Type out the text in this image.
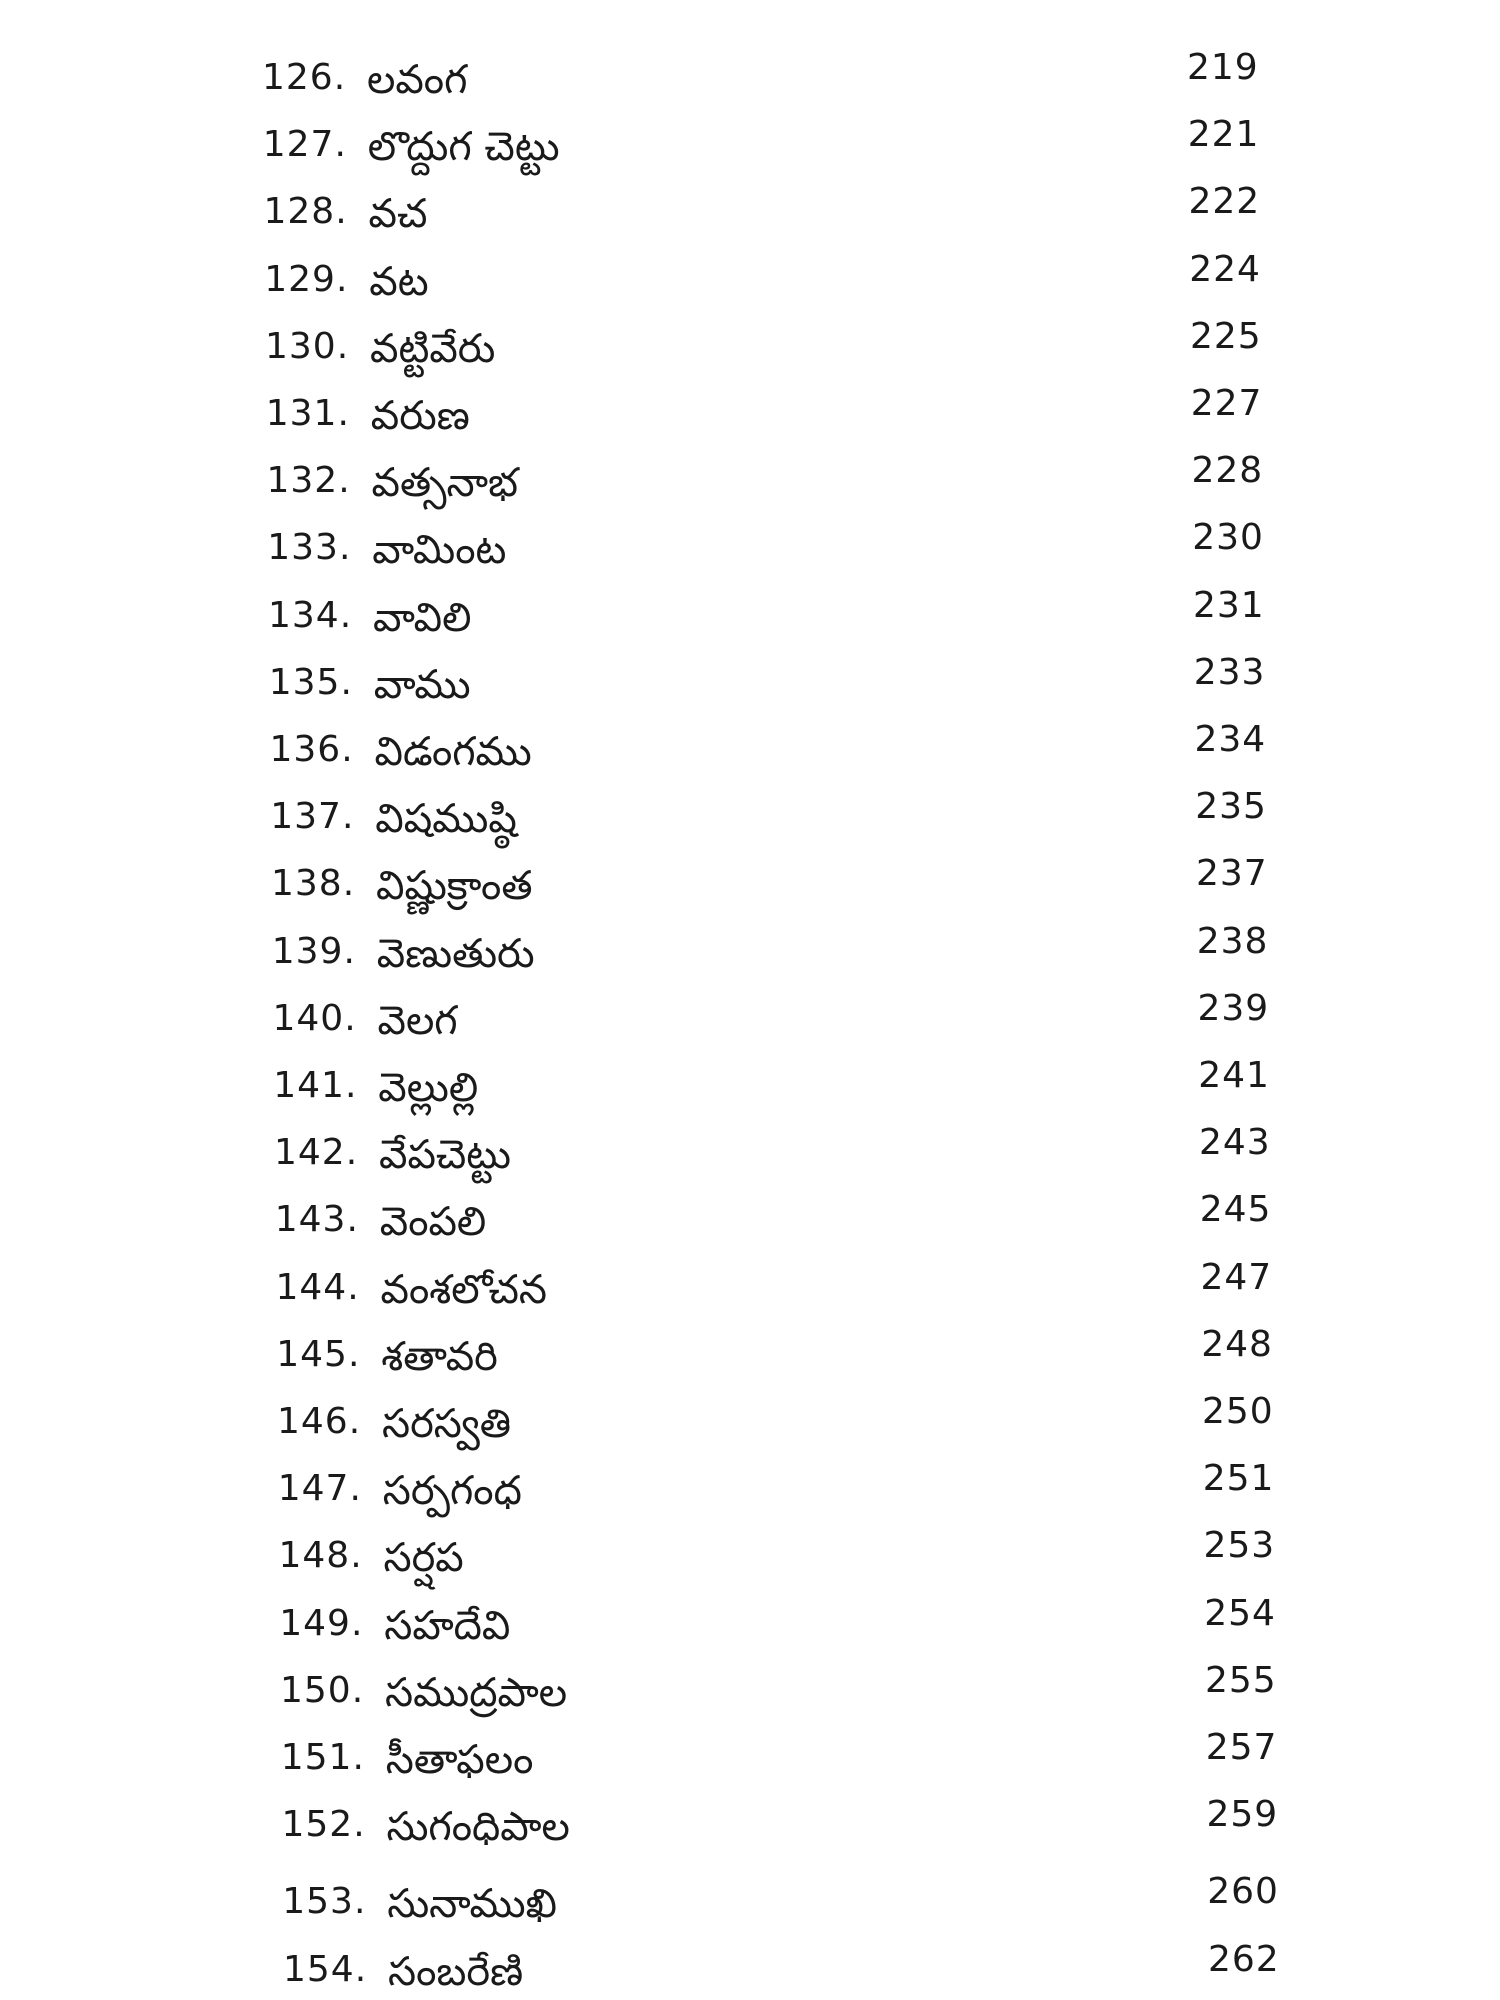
126. లవంగ	219
127. లొద్దుగ చెట్టు	221
128. వచ	222
129. వట	224
130. వట్టివేరు	225
131. వరుణ	227
132. వత్సనాభ	228
133. వామింట	230
134. వావిలి	231
135. వాము	233
136. విడంగము	234
137. విషముష్ఠి	235
138. విష్ణుక్రాంత	237
139. వెణుతురు	238
140. వెలగ	239
141. వెల్లుల్లి	241
142. వేపచెట్టు	243
143. వెంపలి	245
144. వంశలోచన	247
145. శతావరి	248
146. సరస్వతి	250
147. సర్పగంధ	251
148. సర్షప	253
149. సహదేవి	254
150. సముద్రపాల	255
151. సీతాఫలం	257
152. సుగంధిపాల	259
153. సునాముఖి	260
154. సంబరేణి	262
